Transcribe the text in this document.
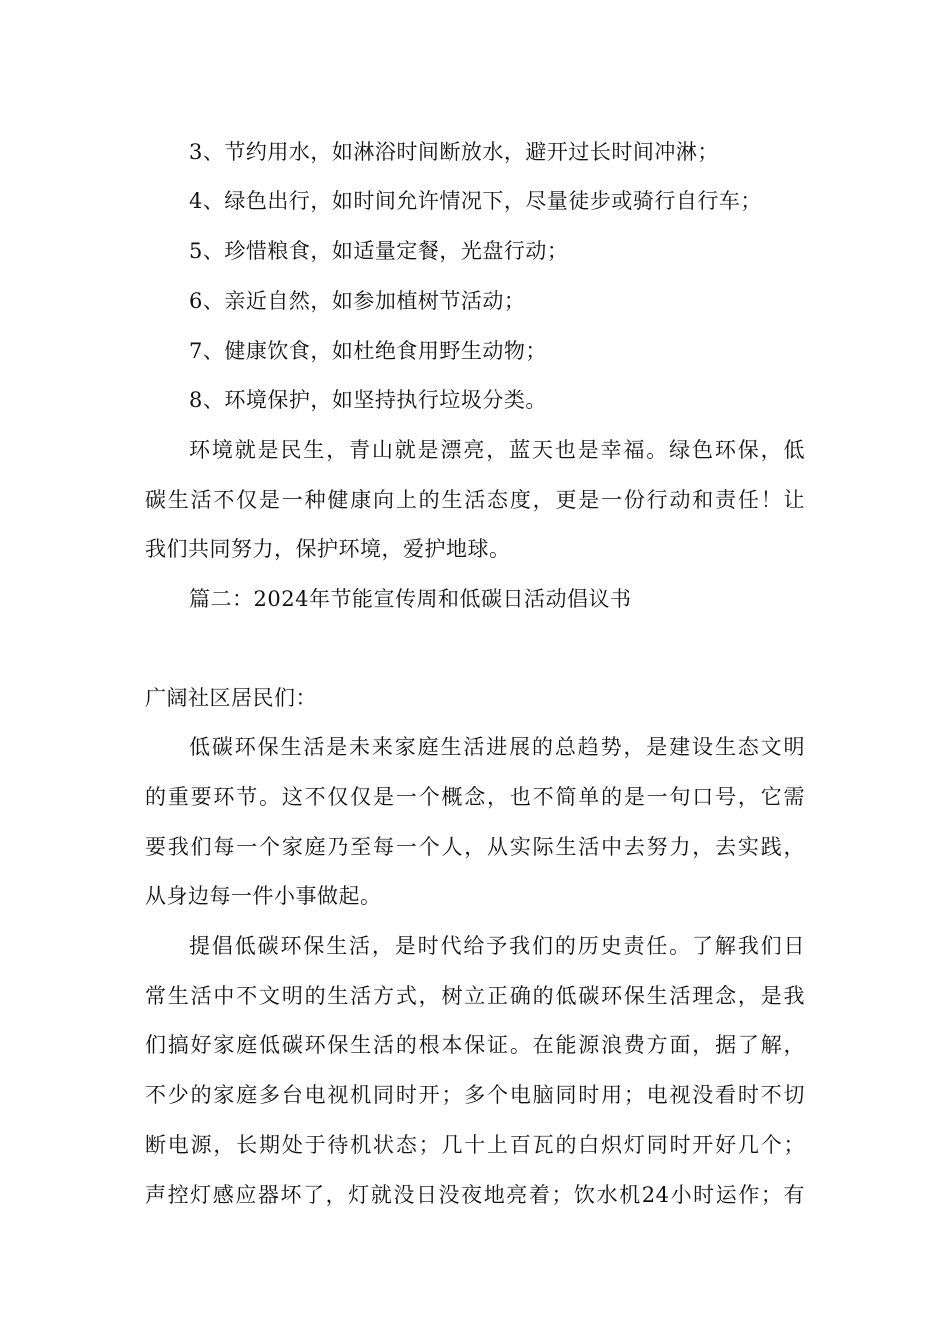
3、节约用水，如淋浴时间断放水，避开过长时间冲淋；
4、绿色出行，如时间允许情况下，尽量徒步或骑行自行车；
5、珍惜粮食，如适量定餐，光盘行动；
6、亲近自然，如参加植树节活动；
7、健康饮食，如杜绝食用野生动物；
8、环境保护，如坚持执行垃圾分类。
环境就是民生，青山就是漂亮，蓝天也是幸福。绿色环保，低
碳生活不仅是一种健康向上的生活态度，更是一份行动和责任！让
我们共同努力，保护环境，爱护地球。
篇二：2024年节能宣传周和低碳日活动倡议书
广阔社区居民们：
低碳环保生活是未来家庭生活进展的总趋势，是建设生态文明
的重要环节。这不仅仅是一个概念，也不简单的是一句口号，它需
要我们每一个家庭乃至每一个人，从实际生活中去努力，去实践，
从身边每一件小事做起。
提倡低碳环保生活，是时代给予我们的历史责任。了解我们日
常生活中不文明的生活方式，树立正确的低碳环保生活理念，是我
们搞好家庭低碳环保生活的根本保证。在能源浪费方面，据了解，
不少的家庭多台电视机同时开；多个电脑同时用；电视没看时不切
断电源，长期处于待机状态；几十上百瓦的白炽灯同时开好几个；
声控灯感应器坏了，灯就没日没夜地亮着；饮水机24小时运作；有
